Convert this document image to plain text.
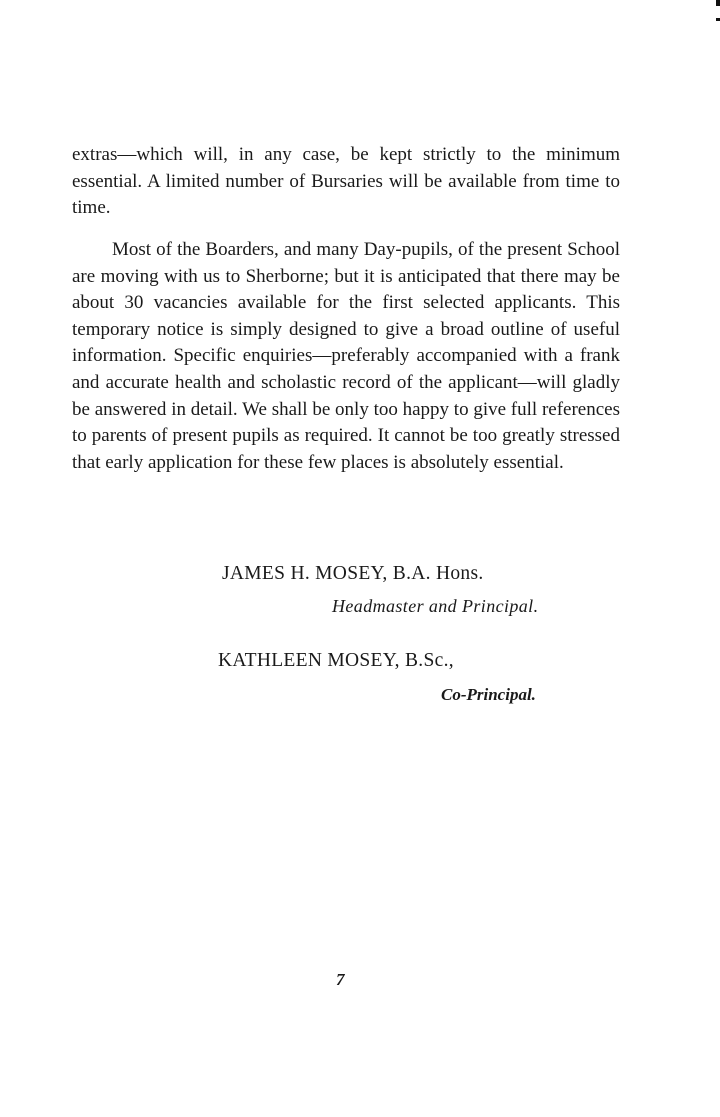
extras—which will, in any case, be kept strictly to the minimum essential. A limited number of Bursaries will be available from time to time.

Most of the Boarders, and many Day-pupils, of the present School are moving with us to Sherborne; but it is anticipated that there may be about 30 vacancies available for the first selected applicants. This temporary notice is simply designed to give a broad outline of useful information. Specific enquiries—preferably accompanied with a frank and accurate health and scholastic record of the applicant—will gladly be answered in detail. We shall be only too happy to give full references to parents of present pupils as required. It cannot be too greatly stressed that early application for these few places is absolutely essential.

JAMES H. MOSEY, B.A. Hons.
Headmaster and Principal.
KATHLEEN MOSEY, B.Sc.,
Co-Principal.
7
